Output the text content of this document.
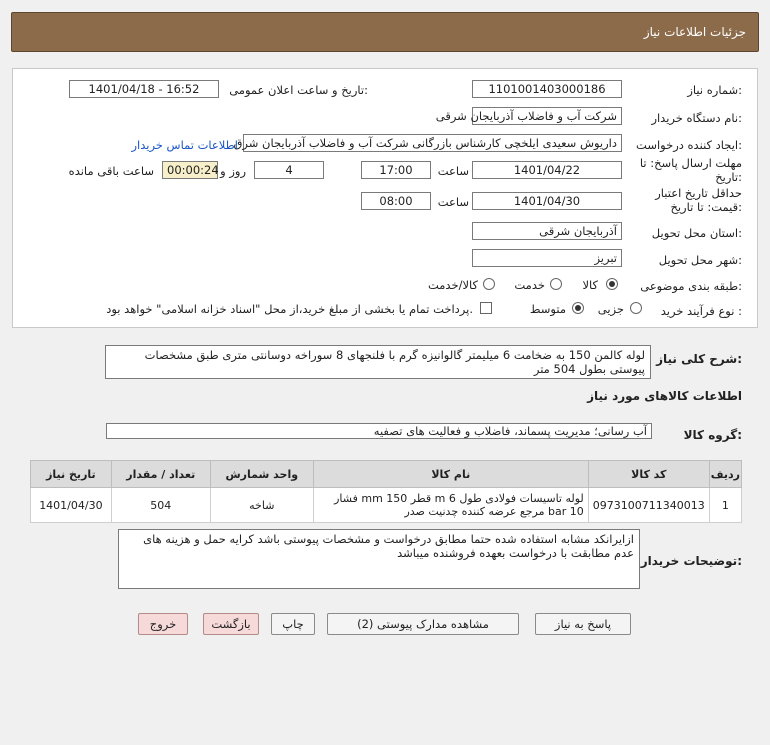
جزئیات اطلاعات نیاز
شماره نیاز:
1101001403000186
تاریخ و ساعت اعلان عمومی:
1401/04/18 - 16:52
نام دستگاه خریدار:
شرکت آب و فاضلاب آذربایجان شرقی
ایجاد کننده درخواست:
داریوش سعیدی ایلخچی کارشناس بازرگانی شرکت آب و فاضلاب آذربایجان شرق
اطلاعات تماس خریدار
مهلت ارسال پاسخ: تا تاریخ:
1401/04/22
ساعت
17:00
4
روز و
00:00:24
ساعت باقی مانده
حداقل تاریخ اعتبار قیمت: تا تاریخ:
1401/04/30
ساعت
08:00
استان محل تحویل:
آذربایجان شرقی
شهر محل تحویل:
تبریز
طبقه بندی موضوعی:
کالا
خدمت
کالا/خدمت
نوع فرآیند خرید :
جزیی
متوسط
پرداخت تمام یا بخشی از مبلغ خرید،از محل "اسناد خزانه اسلامی" خواهد بود.
شرح کلی نیاز:
لوله کالمن 150 به ضخامت 6 میلیمتر گالوانیزه گرم با فلنجهای 8 سوراخه دوسانتی متری طبق مشخصات پیوستی بطول 504 متر
اطلاعات کالاهای مورد نیاز
گروه کالا:
آب رسانی؛ مدیریت پسماند، فاضلاب و فعالیت های تصفیه
ردیف	کد کالا	نام کالا	واحد شمارش	تعداد / مقدار	تاریخ نیاز
1	0973100711340013	لوله تاسیسات فولادی طول m 6 قطر 150 mm فشار bar 10 مرجع عرضه کننده چدنیت صدر	شاخه	504	1401/04/30
توضیحات خریدار:
ازایرانکد مشابه استفاده شده حتما مطابق درخواست و مشخصات پیوستی باشد کرایه حمل و هزینه های عدم مطابقت با درخواست بعهده فروشنده میباشد
پاسخ به نیاز
مشاهده مدارک پیوستی (2)
چاپ
بازگشت
خروج
